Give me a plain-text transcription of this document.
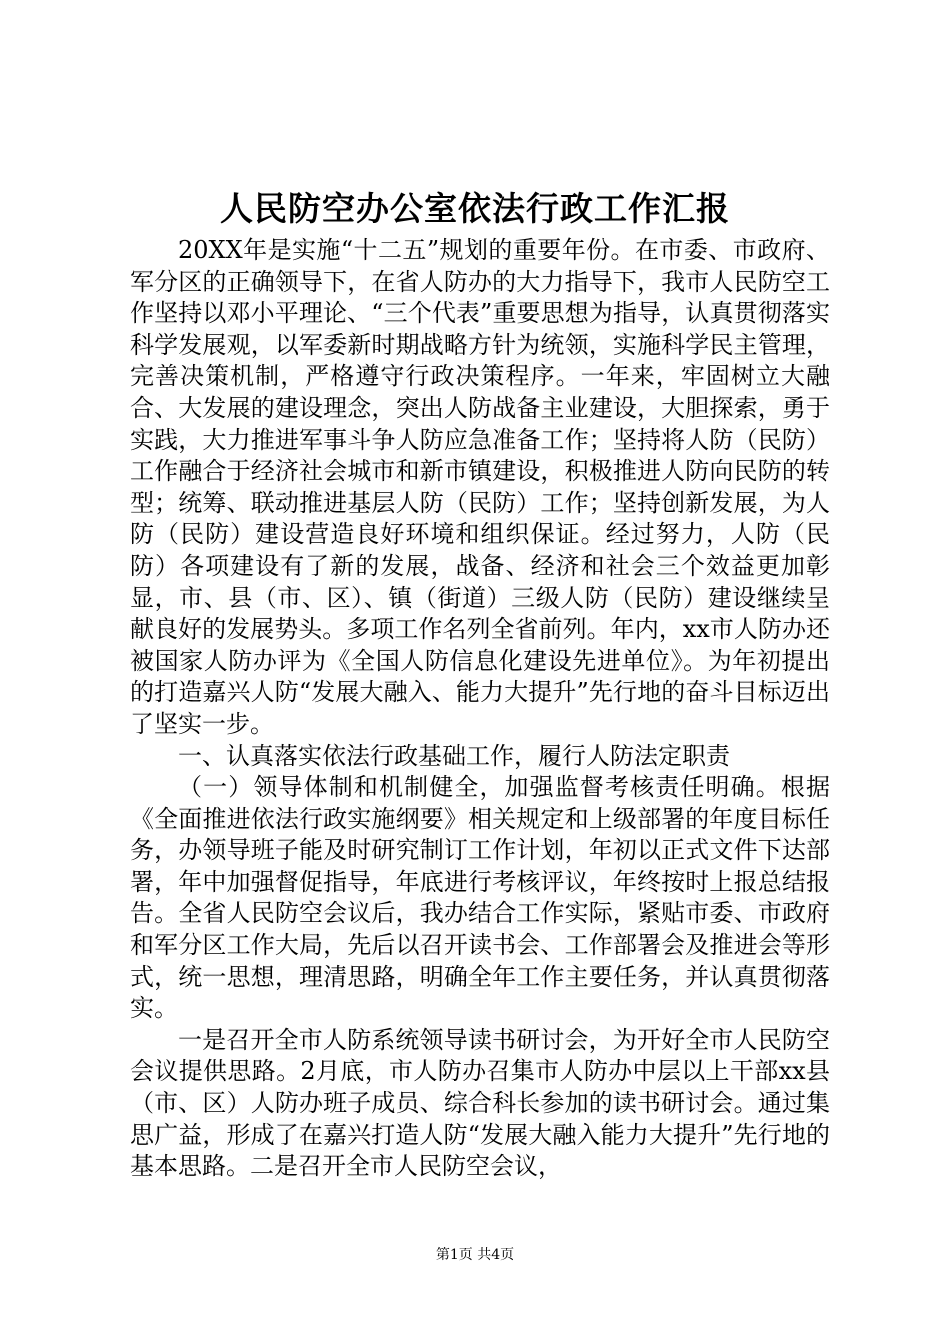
人民防空办公室依法行政工作汇报

20XX年是实施“十二五”规划的重要年份。在市委、市政府、军分区的正确领导下，在省人防办的大力指导下，我市人民防空工作坚持以邓小平理论、“三个代表”重要思想为指导，认真贯彻落实科学发展观，以军委新时期战略方针为统领，实施科学民主管理，完善决策机制，严格遵守行政决策程序。一年来，牢固树立大融合、大发展的建设理念，突出人防战备主业建设，大胆探索，勇于实践，大力推进军事斗争人防应急准备工作；坚持将人防（民防）工作融合于经济社会城市和新市镇建设，积极推进人防向民防的转型；统筹、联动推进基层人防（民防）工作；坚持创新发展，为人防（民防）建设营造良好环境和组织保证。经过努力，人防（民防）各项建设有了新的发展，战备、经济和社会三个效益更加彰显，市、县（市、区）、镇（街道）三级人防（民防）建设继续呈献良好的发展势头。多项工作名列全省前列。年内，xx市人防办还被国家人防办评为《全国人防信息化建设先进单位》。为年初提出的打造嘉兴人防“发展大融入、能力大提升”先行地的奋斗目标迈出了坚实一步。

一、认真落实依法行政基础工作，履行人防法定职责

（一）领导体制和机制健全，加强监督考核责任明确。根据《全面推进依法行政实施纲要》相关规定和上级部署的年度目标任务，办领导班子能及时研究制订工作计划，年初以正式文件下达部署，年中加强督促指导，年底进行考核评议，年终按时上报总结报告。全省人民防空会议后，我办结合工作实际，紧贴市委、市政府和军分区工作大局，先后以召开读书会、工作部署会及推进会等形式，统一思想，理清思路，明确全年工作主要任务，并认真贯彻落实。

一是召开全市人防系统领导读书研讨会，为开好全市人民防空会议提供思路。2月底，市人防办召集市人防办中层以上干部xx县（市、区）人防办班子成员、综合科长参加的读书研讨会。通过集思广益，形成了在嘉兴打造人防“发展大融入能力大提升”先行地的基本思路。二是召开全市人民防空会议，

第1页 共4页
